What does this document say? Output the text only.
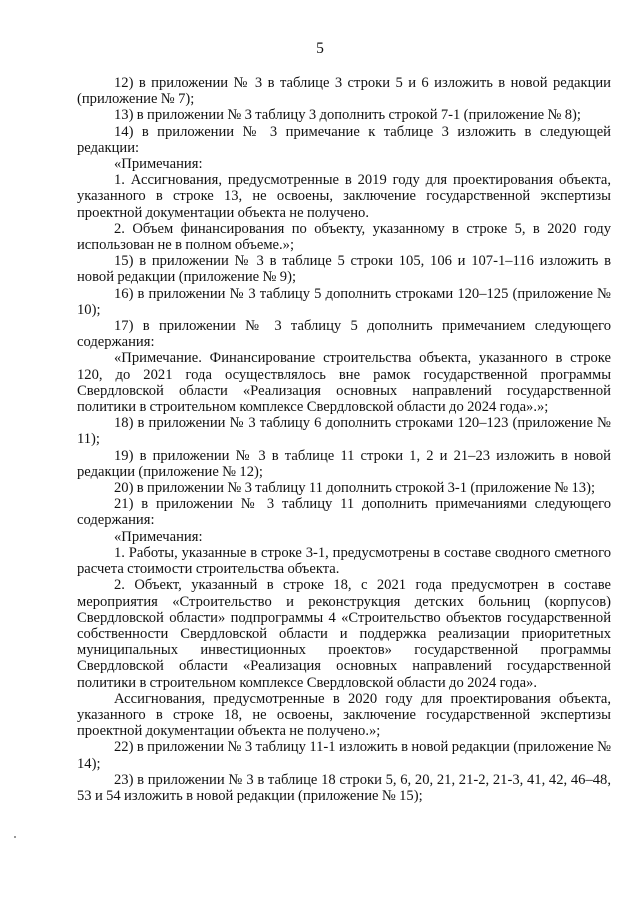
5

12) в приложении № 3 в таблице 3 строки 5 и 6 изложить в новой редакции (приложение № 7);

13) в приложении № 3 таблицу 3 дополнить строкой 7-1 (приложение № 8);

14) в приложении № 3 примечание к таблице 3 изложить в следующей редакции:

«Примечания:

1. Ассигнования, предусмотренные в 2019 году для проектирования объекта, указанного в строке 13, не освоены, заключение государственной экспертизы проектной документации объекта не получено.

2. Объем финансирования по объекту, указанному в строке 5, в 2020 году использован не в полном объеме.»;

15) в приложении № 3 в таблице 5 строки 105, 106 и 107-1–116 изложить в новой редакции (приложение № 9);

16) в приложении № 3 таблицу 5 дополнить строками 120–125 (приложение № 10);

17) в приложении № 3 таблицу 5 дополнить примечанием следующего содержания:

«Примечание. Финансирование строительства объекта, указанного в строке 120, до 2021 года осуществлялось вне рамок государственной программы Свердловской области «Реализация основных направлений государственной политики в строительном комплексе Свердловской области до 2024 года».»;

18) в приложении № 3 таблицу 6 дополнить строками 120–123 (приложение № 11);

19) в приложении № 3 в таблице 11 строки 1, 2 и 21–23 изложить в новой редакции (приложение № 12);

20) в приложении № 3 таблицу 11 дополнить строкой 3-1 (приложение № 13);

21) в приложении № 3 таблицу 11 дополнить примечаниями следующего содержания:

«Примечания:

1. Работы, указанные в строке 3-1, предусмотрены в составе сводного сметного расчета стоимости строительства объекта.

2. Объект, указанный в строке 18, с 2021 года предусмотрен в составе мероприятия «Строительство и реконструкция детских больниц (корпусов) Свердловской области» подпрограммы 4 «Строительство объектов государственной собственности Свердловской области и поддержка реализации приоритетных муниципальных инвестиционных проектов» государственной программы Свердловской области «Реализация основных направлений государственной политики в строительном комплексе Свердловской области до 2024 года».

Ассигнования, предусмотренные в 2020 году для проектирования объекта, указанного в строке 18, не освоены, заключение государственной экспертизы проектной документации объекта не получено.»;

22) в приложении № 3 таблицу 11-1 изложить в новой редакции (приложение № 14);

23) в приложении № 3 в таблице 18 строки 5, 6, 20, 21, 21-2, 21-3, 41, 42, 46–48, 53 и 54 изложить в новой редакции (приложение № 15);
